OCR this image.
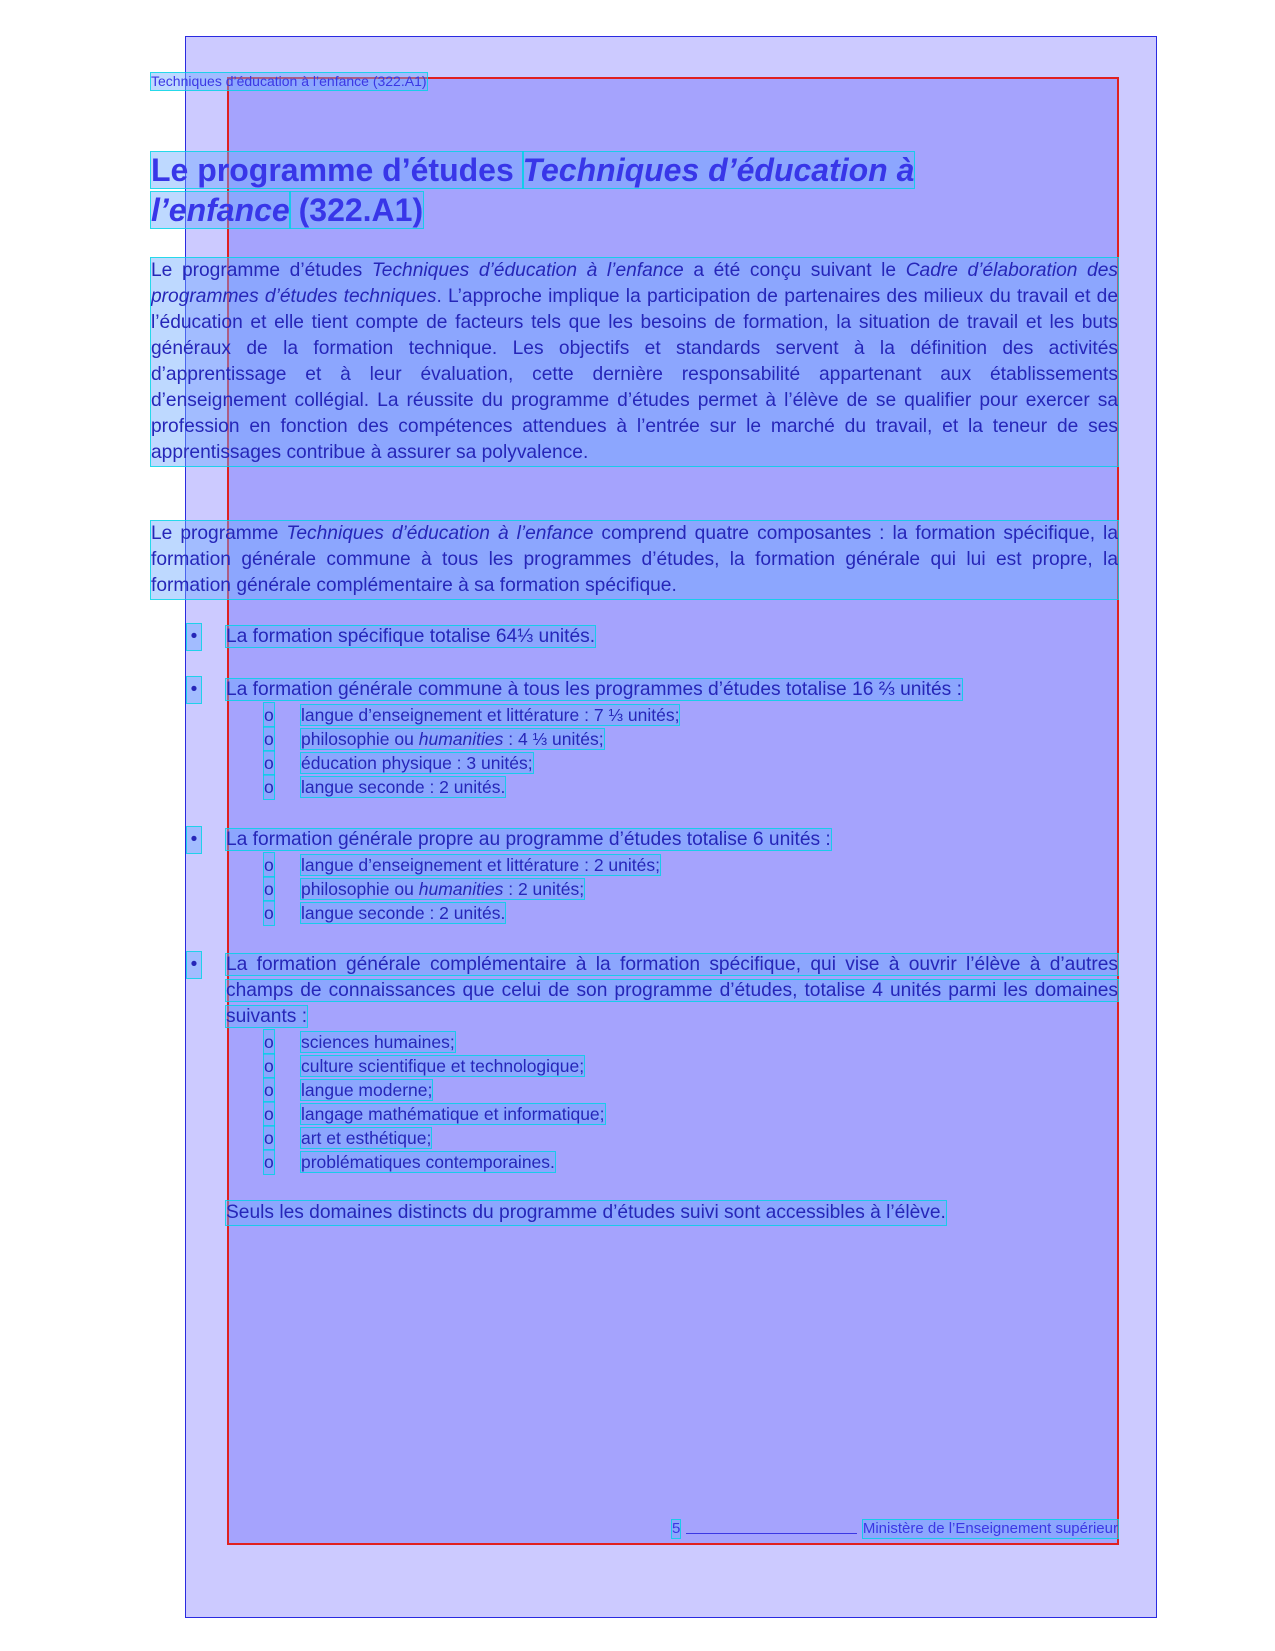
Techniques d’éducation à l’enfance (322.A1)
Le programme d’études Techniques d’éducation à l’enfance (322.A1)

Le programme d’études Techniques d’éducation à l’enfance a été conçu suivant le Cadre d’élaboration des programmes d’études techniques. L’approche implique la participation de partenaires des milieux du travail et de l’éducation et elle tient compte de facteurs tels que les besoins de formation, la situation de travail et les buts généraux de la formation technique. Les objectifs et standards servent à la définition des activités d’apprentissage et à leur évaluation, cette dernière responsabilité appartenant aux établissements d’enseignement collégial. La réussite du programme d’études permet à l’élève de se qualifier pour exercer sa profession en fonction des compétences attendues à l’entrée sur le marché du travail, et la teneur de ses apprentissages contribue à assurer sa polyvalence.

Le programme Techniques d’éducation à l’enfance comprend quatre composantes : la formation spécifique, la formation générale commune à tous les programmes d’études, la formation générale qui lui est propre, la formation générale complémentaire à sa formation spécifique.

• La formation spécifique totalise 64⅓ unités.
• La formation générale commune à tous les programmes d’études totalise 16 ⅔ unités :
o langue d’enseignement et littérature : 7 ⅓ unités;
o philosophie ou humanities : 4 ⅓ unités;
o éducation physique : 3 unités;
o langue seconde : 2 unités.
• La formation générale propre au programme d’études totalise 6 unités :
o langue d’enseignement et littérature : 2 unités;
o philosophie ou humanities : 2 unités;
o langue seconde : 2 unités.
• La formation générale complémentaire à la formation spécifique, qui vise à ouvrir l’élève à d’autres champs de connaissances que celui de son programme d’études, totalise 4 unités parmi les domaines suivants :
o sciences humaines;
o culture scientifique et technologique;
o langue moderne;
o langage mathématique et informatique;
o art et esthétique;
o problématiques contemporaines.

Seuls les domaines distincts du programme d’études suivi sont accessibles à l’élève.

5	Ministère de l’Enseignement supérieur
